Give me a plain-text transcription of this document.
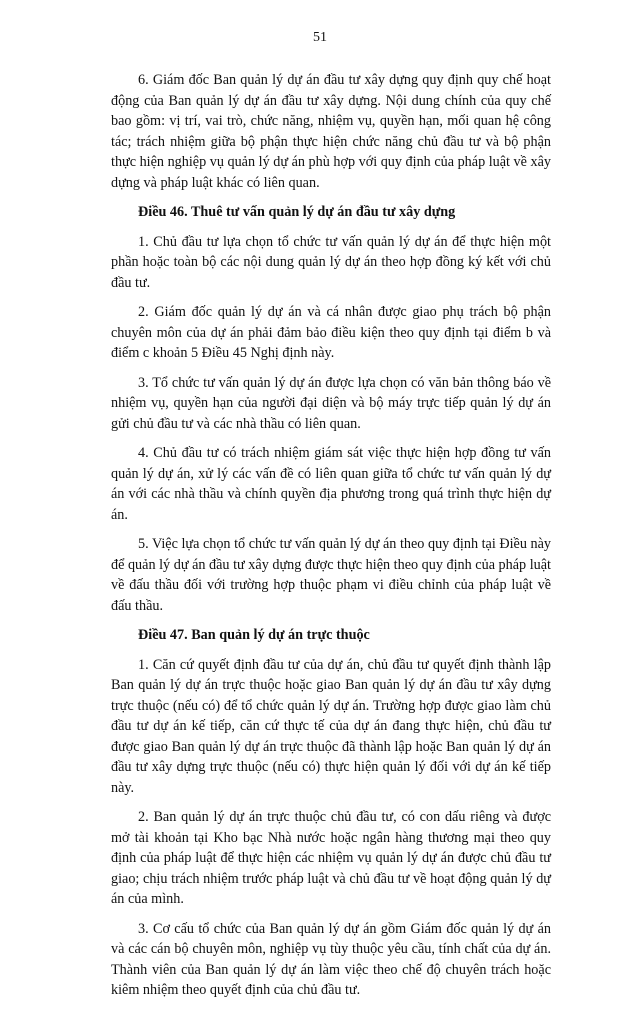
51

6. Giám đốc Ban quản lý dự án đầu tư xây dựng quy định quy chế hoạt động của Ban quản lý dự án đầu tư xây dựng. Nội dung chính của quy chế bao gồm: vị trí, vai trò, chức năng, nhiệm vụ, quyền hạn, mối quan hệ công tác; trách nhiệm giữa bộ phận thực hiện chức năng chủ đầu tư và bộ phận thực hiện nghiệp vụ quản lý dự án phù hợp với quy định của pháp luật về xây dựng và pháp luật khác có liên quan.

Điều 46. Thuê tư vấn quản lý dự án đầu tư xây dựng

1. Chủ đầu tư lựa chọn tổ chức tư vấn quản lý dự án để thực hiện một phần hoặc toàn bộ các nội dung quản lý dự án theo hợp đồng ký kết với chủ đầu tư.

2. Giám đốc quản lý dự án và cá nhân được giao phụ trách bộ phận chuyên môn của dự án phải đảm bảo điều kiện theo quy định tại điểm b và điểm c khoản 5 Điều 45 Nghị định này.

3. Tổ chức tư vấn quản lý dự án được lựa chọn có văn bản thông báo về nhiệm vụ, quyền hạn của người đại diện và bộ máy trực tiếp quản lý dự án gửi chủ đầu tư và các nhà thầu có liên quan.

4. Chủ đầu tư có trách nhiệm giám sát việc thực hiện hợp đồng tư vấn quản lý dự án, xử lý các vấn đề có liên quan giữa tổ chức tư vấn quản lý dự án với các nhà thầu và chính quyền địa phương trong quá trình thực hiện dự án.

5. Việc lựa chọn tổ chức tư vấn quản lý dự án theo quy định tại Điều này để quản lý dự án đầu tư xây dựng được thực hiện theo quy định của pháp luật về đấu thầu đối với trường hợp thuộc phạm vi điều chỉnh của pháp luật về đấu thầu.

Điều 47. Ban quản lý dự án trực thuộc

1. Căn cứ quyết định đầu tư của dự án, chủ đầu tư quyết định thành lập Ban quản lý dự án trực thuộc hoặc giao Ban quản lý dự án đầu tư xây dựng trực thuộc (nếu có) để tổ chức quản lý dự án. Trường hợp được giao làm chủ đầu tư dự án kế tiếp, căn cứ thực tế của dự án đang thực hiện, chủ đầu tư được giao Ban quản lý dự án trực thuộc đã thành lập hoặc Ban quản lý dự án đầu tư xây dựng trực thuộc (nếu có) thực hiện quản lý đối với dự án kế tiếp này.

2. Ban quản lý dự án trực thuộc chủ đầu tư, có con dấu riêng và được mở tài khoản tại Kho bạc Nhà nước hoặc ngân hàng thương mại theo quy định của pháp luật để thực hiện các nhiệm vụ quản lý dự án được chủ đầu tư giao; chịu trách nhiệm trước pháp luật và chủ đầu tư về hoạt động quản lý dự án của mình.

3. Cơ cấu tổ chức của Ban quản lý dự án gồm Giám đốc quản lý dự án và các cán bộ chuyên môn, nghiệp vụ tùy thuộc yêu cầu, tính chất của dự án. Thành viên của Ban quản lý dự án làm việc theo chế độ chuyên trách hoặc kiêm nhiệm theo quyết định của chủ đầu tư.
